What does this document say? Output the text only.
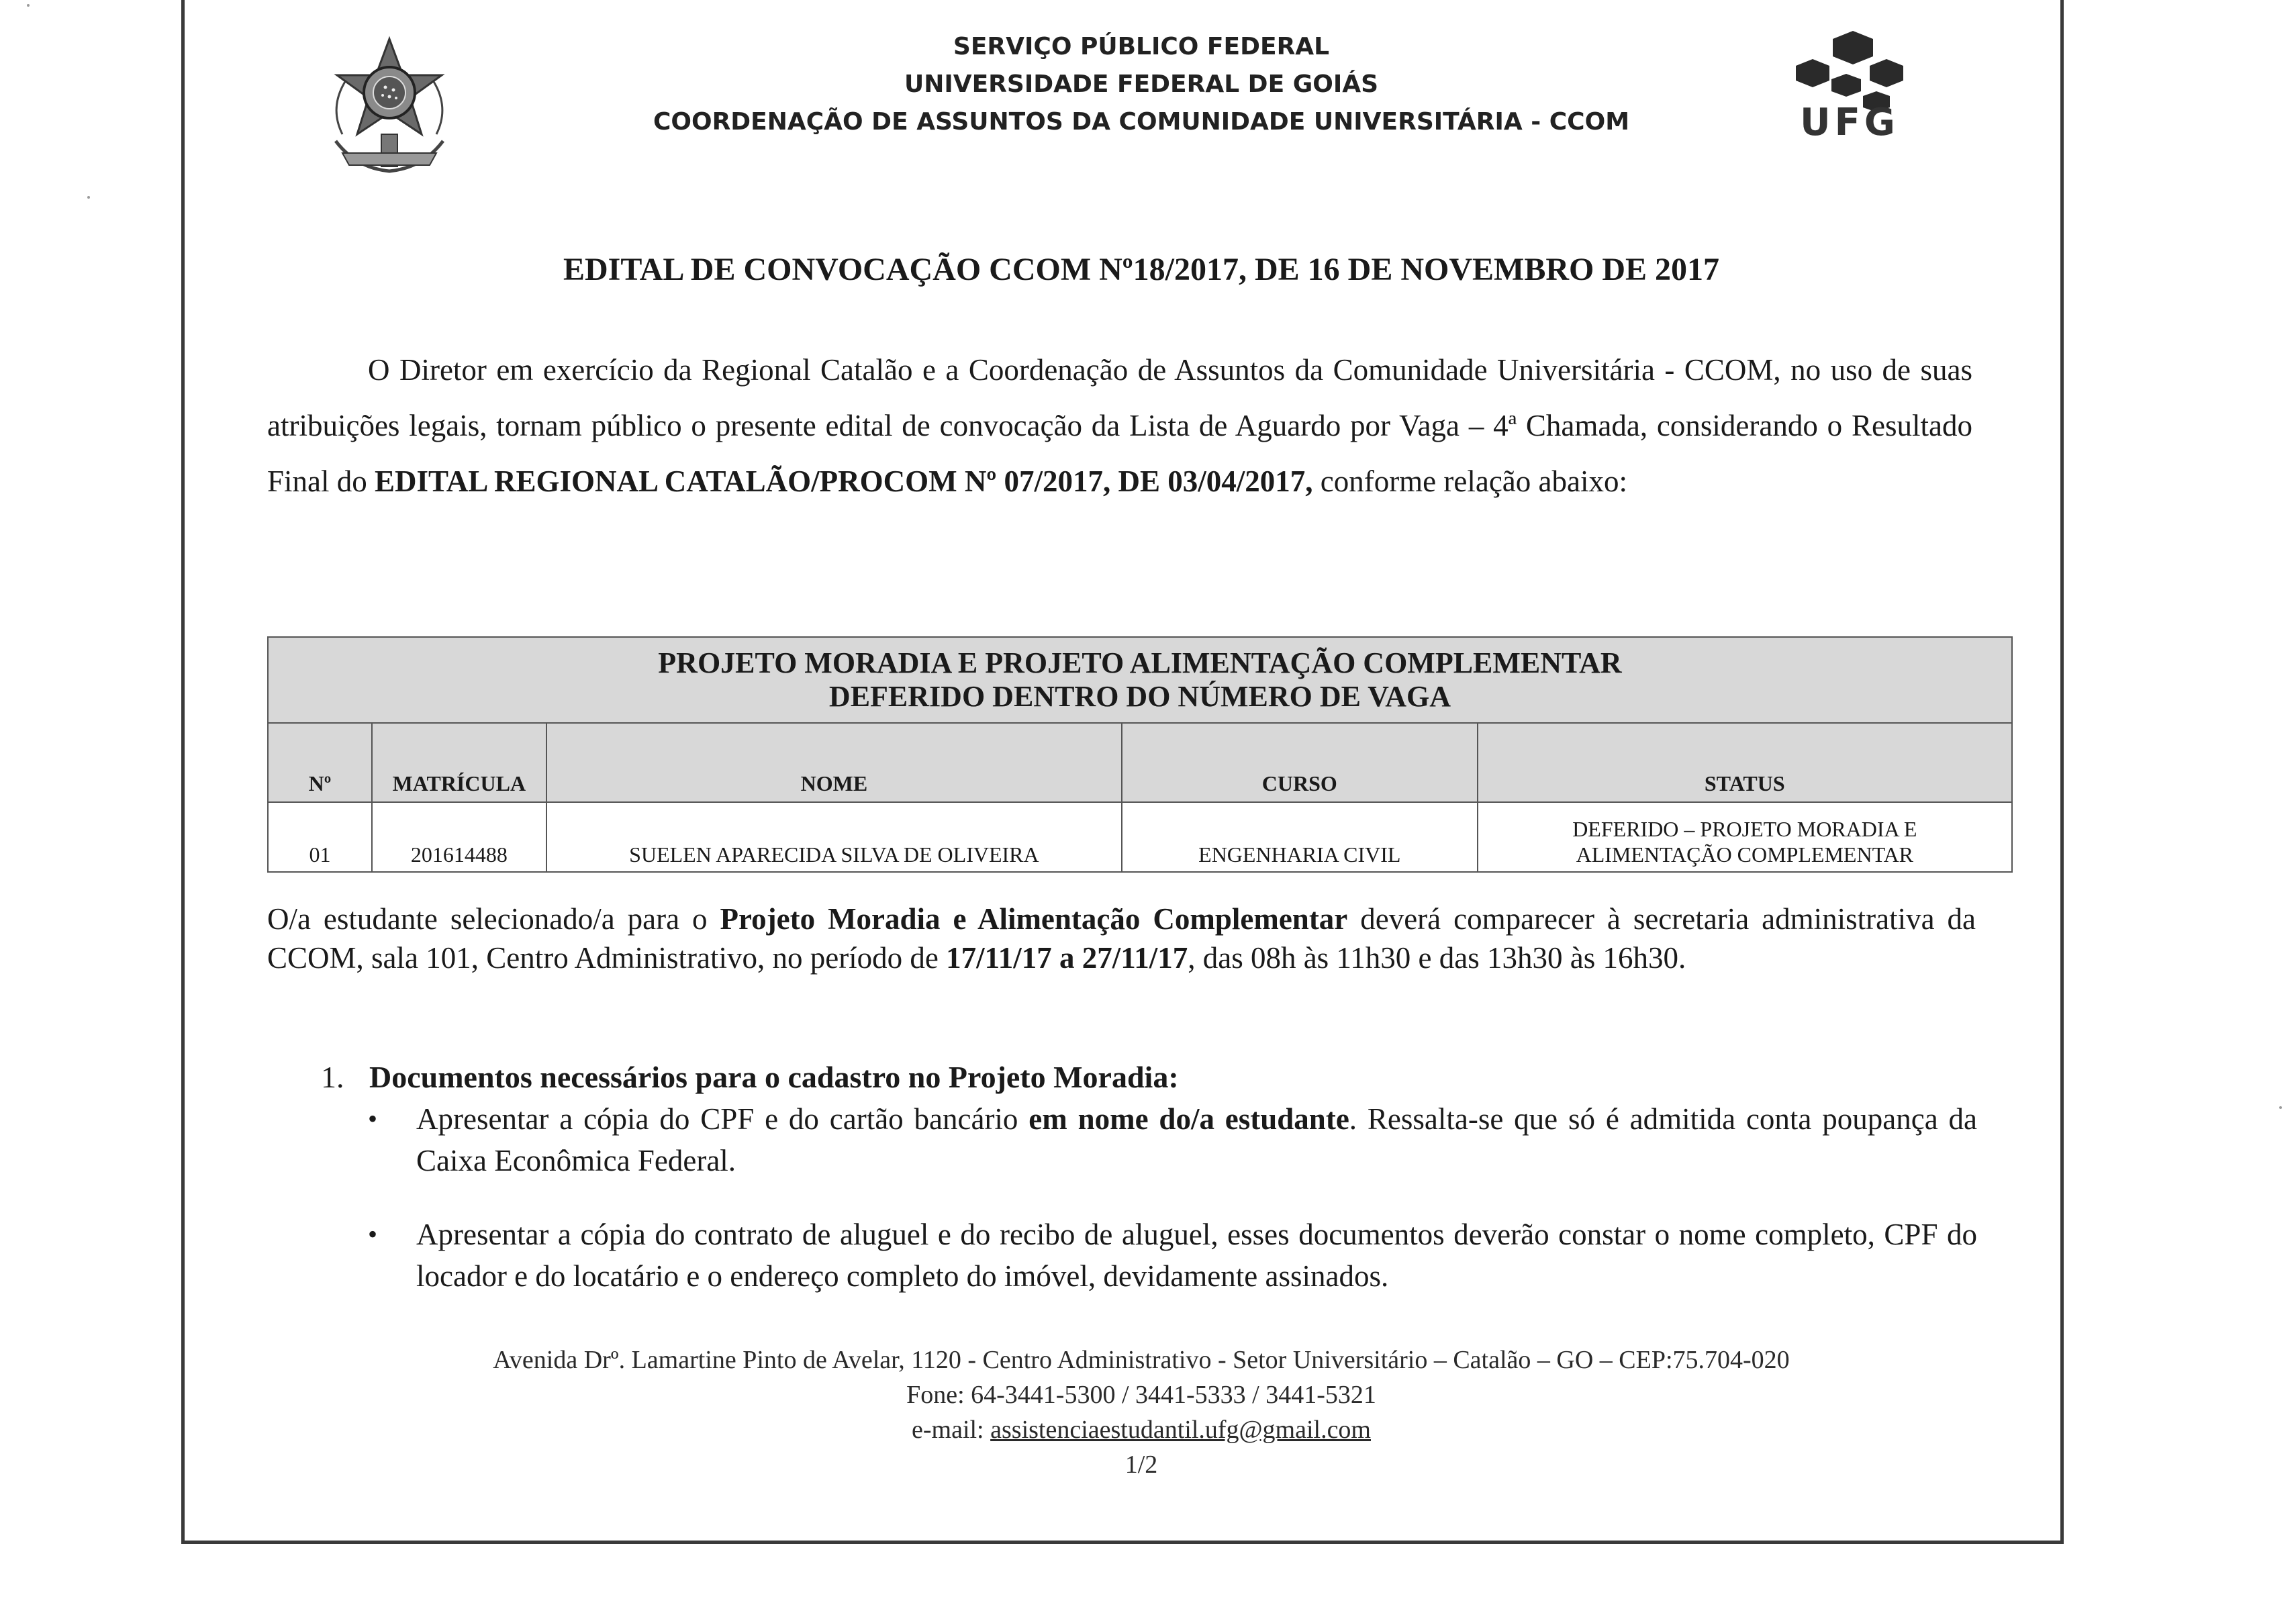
SERVIÇO PÚBLICO FEDERAL
UNIVERSIDADE FEDERAL DE GOIÁS
COORDENAÇÃO DE ASSUNTOS DA COMUNIDADE UNIVERSITÁRIA - CCOM	UFG
EDITAL DE CONVOCAÇÃO CCOM Nº18/2017, DE 16 DE NOVEMBRO DE 2017

O Diretor em exercício da Regional Catalão e a Coordenação de Assuntos da Comunidade Universitária - CCOM, no uso de suas atribuições legais, tornam público o presente edital de convocação da Lista de Aguardo por Vaga – 4ª Chamada, considerando o Resultado Final do EDITAL REGIONAL CATALÃO/PROCOM Nº 07/2017, DE 03/04/2017, conforme relação abaixo:

PROJETO MORADIA E PROJETO ALIMENTAÇÃO COMPLEMENTAR
DEFERIDO DENTRO DO NÚMERO DE VAGA				

Nº	MATRÍCULA	NOME	CURSO	STATUS
01	201614488	SUELEN APARECIDA SILVA DE OLIVEIRA	ENGENHARIA CIVIL	DEFERIDO – PROJETO MORADIA E
ALIMENTAÇÃO COMPLEMENTAR

O/a estudante selecionado/a para o Projeto Moradia e Alimentação Complementar deverá comparecer à secretaria administrativa da CCOM, sala 101, Centro Administrativo, no período de 17/11/17 a 27/11/17, das 08h às 11h30 e das 13h30 às 16h30.

1. Documentos necessários para o cadastro no Projeto Moradia:
• Apresentar a cópia do CPF e do cartão bancário em nome do/a estudante. Ressalta-se que só é admitida conta poupança da Caixa Econômica Federal.
• Apresentar a cópia do contrato de aluguel e do recibo de aluguel, esses documentos deverão constar o nome completo, CPF do locador e do locatário e o endereço completo do imóvel, devidamente assinados.
Avenida Drº. Lamartine Pinto de Avelar, 1120 - Centro Administrativo - Setor Universitário – Catalão – GO – CEP:75.704-020
Fone: 64-3441-5300 / 3441-5333 / 3441-5321
e-mail: assistenciaestudantil.ufg@gmail.com
1/2
